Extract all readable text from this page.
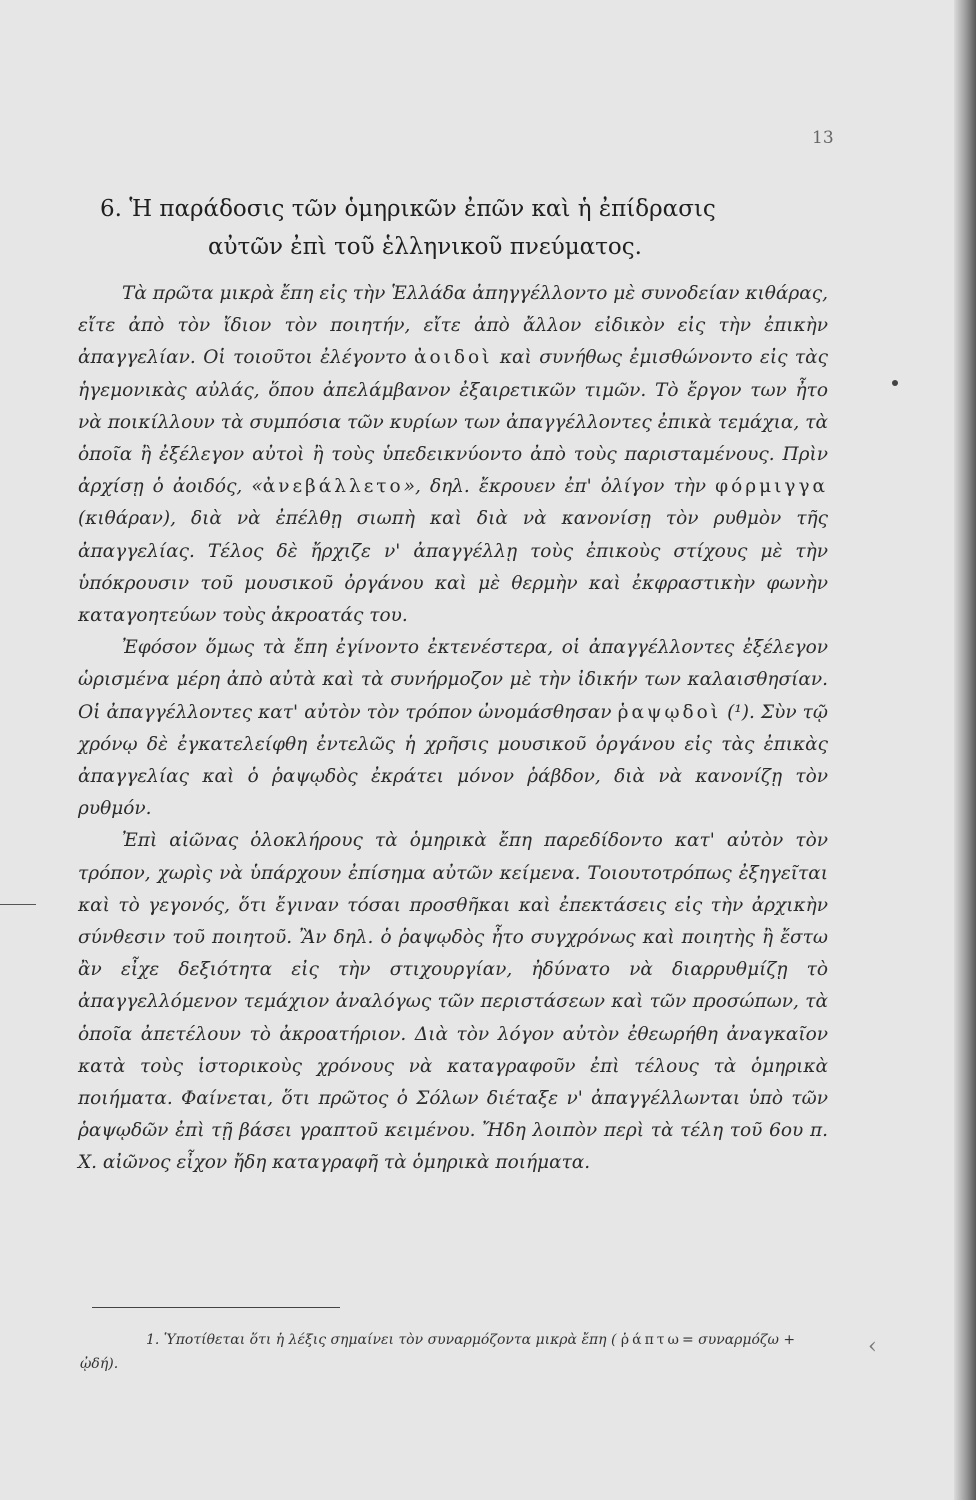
13
6. Ἡ παράδοσις τῶν ὁμηρικῶν ἐπῶν καὶ ἡ ἐπίδρασις
αὐτῶν ἐπὶ τοῦ ἑλληνικοῦ πνεύματος.

Τὰ πρῶτα μικρὰ ἔπη εἰς τὴν Ἑλλάδα ἀπηγγέλλοντο μὲ συνοδείαν κιθάρας, εἴτε ἀπὸ τὸν ἴδιον τὸν ποιητήν, εἴτε ἀπὸ ἄλλον εἰδικὸν εἰς τὴν ἐπικὴν ἀπαγγελίαν. Οἱ τοιοῦτοι ἐλέγοντο ἀοιδοὶ καὶ συνήθως ἐμισθώνοντο εἰς τὰς ἡγεμονικὰς αὐλάς, ὅπου ἀπελάμβανον ἐξαιρετικῶν τιμῶν. Τὸ ἔργον των ἦτο νὰ ποικίλλουν τὰ συμπόσια τῶν κυρίων των ἀπαγγέλλοντες ἐπικὰ τεμάχια, τὰ ὁποῖα ἢ ἐξέλεγον αὐτοὶ ἢ τοὺς ὑπεδεικνύοντο ἀπὸ τοὺς παρισταμένους. Πρὶν ἀρχίσῃ ὁ ἀοιδός, «ἀνεβάλλετο», δηλ. ἔκρουεν ἐπ' ὀλίγον τὴν φόρμιγγα (κιθάραν), διὰ νὰ ἐπέλθῃ σιωπὴ καὶ διὰ νὰ κανονίσῃ τὸν ρυθμὸν τῆς ἀπαγγελίας. Τέλος δὲ ἤρχιζε ν' ἀπαγγέλλῃ τοὺς ἐπικοὺς στίχους μὲ τὴν ὑπόκρουσιν τοῦ μουσικοῦ ὀργάνου καὶ μὲ θερμὴν καὶ ἐκφραστικὴν φωνὴν καταγοητεύων τοὺς ἀκροατάς του.

Ἐφόσον ὅμως τὰ ἔπη ἐγίνοντο ἐκτενέστερα, οἱ ἀπαγγέλλοντες ἐξέλεγον ὡρισμένα μέρη ἀπὸ αὐτὰ καὶ τὰ συνήρμοζον μὲ τὴν ἰδικήν των καλαισθησίαν. Οἱ ἀπαγγέλλοντες κατ' αὐτὸν τὸν τρόπον ὠνομάσθησαν ῥαψῳδοὶ (¹). Σὺν τῷ χρόνῳ δὲ ἐγκατελείφθη ἐντελῶς ἡ χρῆσις μουσικοῦ ὀργάνου εἰς τὰς ἐπικὰς ἀπαγγελίας καὶ ὁ ῥαψῳδὸς ἐκράτει μόνον ῥάβδον, διὰ νὰ κανονίζῃ τὸν ρυθμόν.

Ἐπὶ αἰῶνας ὁλοκλήρους τὰ ὁμηρικὰ ἔπη παρεδίδοντο κατ' αὐτὸν τὸν τρόπον, χωρὶς νὰ ὑπάρχουν ἐπίσημα αὐτῶν κείμενα. Τοιουτοτρόπως ἐξηγεῖται καὶ τὸ γεγονός, ὅτι ἔγιναν τόσαι προσθῆκαι καὶ ἐπεκτάσεις εἰς τὴν ἀρχικὴν σύνθεσιν τοῦ ποιητοῦ. Ἂν δηλ. ὁ ῥαψῳδὸς ἦτο συγχρόνως καὶ ποιητὴς ἢ ἔστω ἂν εἶχε δεξιότητα εἰς τὴν στιχουργίαν, ἠδύνατο νὰ διαρρυθμίζῃ τὸ ἀπαγγελλόμενον τεμάχιον ἀναλόγως τῶν περιστάσεων καὶ τῶν προσώπων, τὰ ὁποῖα ἀπετέλουν τὸ ἀκροατήριον. Διὰ τὸν λόγον αὐτὸν ἐθεωρήθη ἀναγκαῖον κατὰ τοὺς ἱστορικοὺς χρόνους νὰ καταγραφοῦν ἐπὶ τέλους τὰ ὁμηρικὰ ποιήματα. Φαίνεται, ὅτι πρῶτος ὁ Σόλων διέταξε ν' ἀπαγγέλλωνται ὑπὸ τῶν ῥαψῳδῶν ἐπὶ τῇ βάσει γραπτοῦ κειμένου. Ἤδη λοιπὸν περὶ τὰ τέλη τοῦ 6ου π. Χ. αἰῶνος εἶχον ἤδη καταγραφῆ τὰ ὁμηρικὰ ποιήματα.

1. Ὑποτίθεται ὅτι ἡ λέξις σημαίνει τὸν συναρμόζοντα μικρὰ ἔπη ( ῥάπτω= συναρμόζω + ᾠδή).

‹
